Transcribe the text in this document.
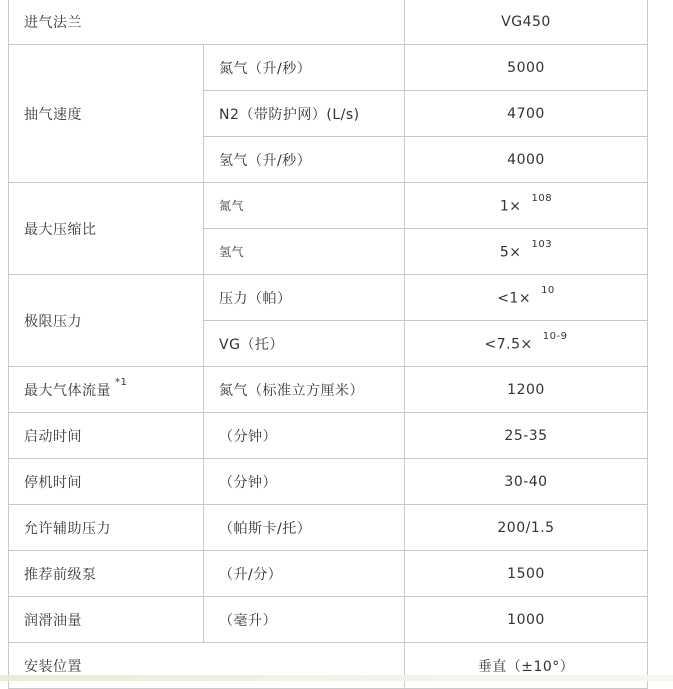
进气法兰		VG450
抽气速度	氮气（升/秒）	5000
	N2（带防护网）(L/s)	4700
	氢气（升/秒）	4000
最大压缩比	氮气	1×$^{108}$
	氢气	5×$^{103}$
极限压力	压力（帕）	<1×$^{10}$
	VG（托）	<7.5×$^{10-9}$
最大气体流量$^{*1}$	氮气（标准立方厘米）	1200
启动时间	（分钟）	25-35
停机时间	（分钟）	30-40
允许辅助压力	（帕斯卡/托）	200/1.5
推荐前级泵	（升/分）	1500
润滑油量	（毫升）	1000
安装位置		垂直（±10°）
